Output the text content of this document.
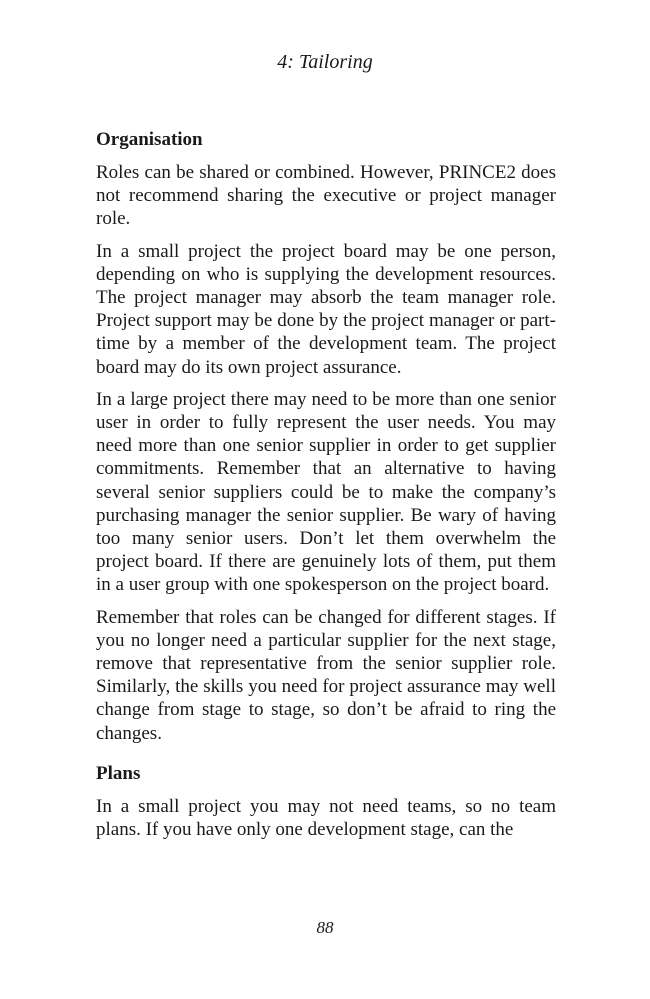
4: Tailoring
Organisation

Roles can be shared or combined. However, PRINCE2 does not recommend sharing the executive or project manager role.

In a small project the project board may be one person, depending on who is supplying the development resources. The project manager may absorb the team manager role. Project support may be done by the project manager or part-time by a member of the development team. The project board may do its own project assurance.

In a large project there may need to be more than one senior user in order to fully represent the user needs. You may need more than one senior supplier in order to get supplier commitments. Remember that an alternative to having several senior suppliers could be to make the company’s purchasing manager the senior supplier. Be wary of having too many senior users. Don’t let them overwhelm the project board. If there are genuinely lots of them, put them in a user group with one spokesperson on the project board.

Remember that roles can be changed for different stages. If you no longer need a particular supplier for the next stage, remove that representative from the senior supplier role. Similarly, the skills you need for project assurance may well change from stage to stage, so don’t be afraid to ring the changes.

Plans

In a small project you may not need teams, so no team plans. If you have only one development stage, can the

88
